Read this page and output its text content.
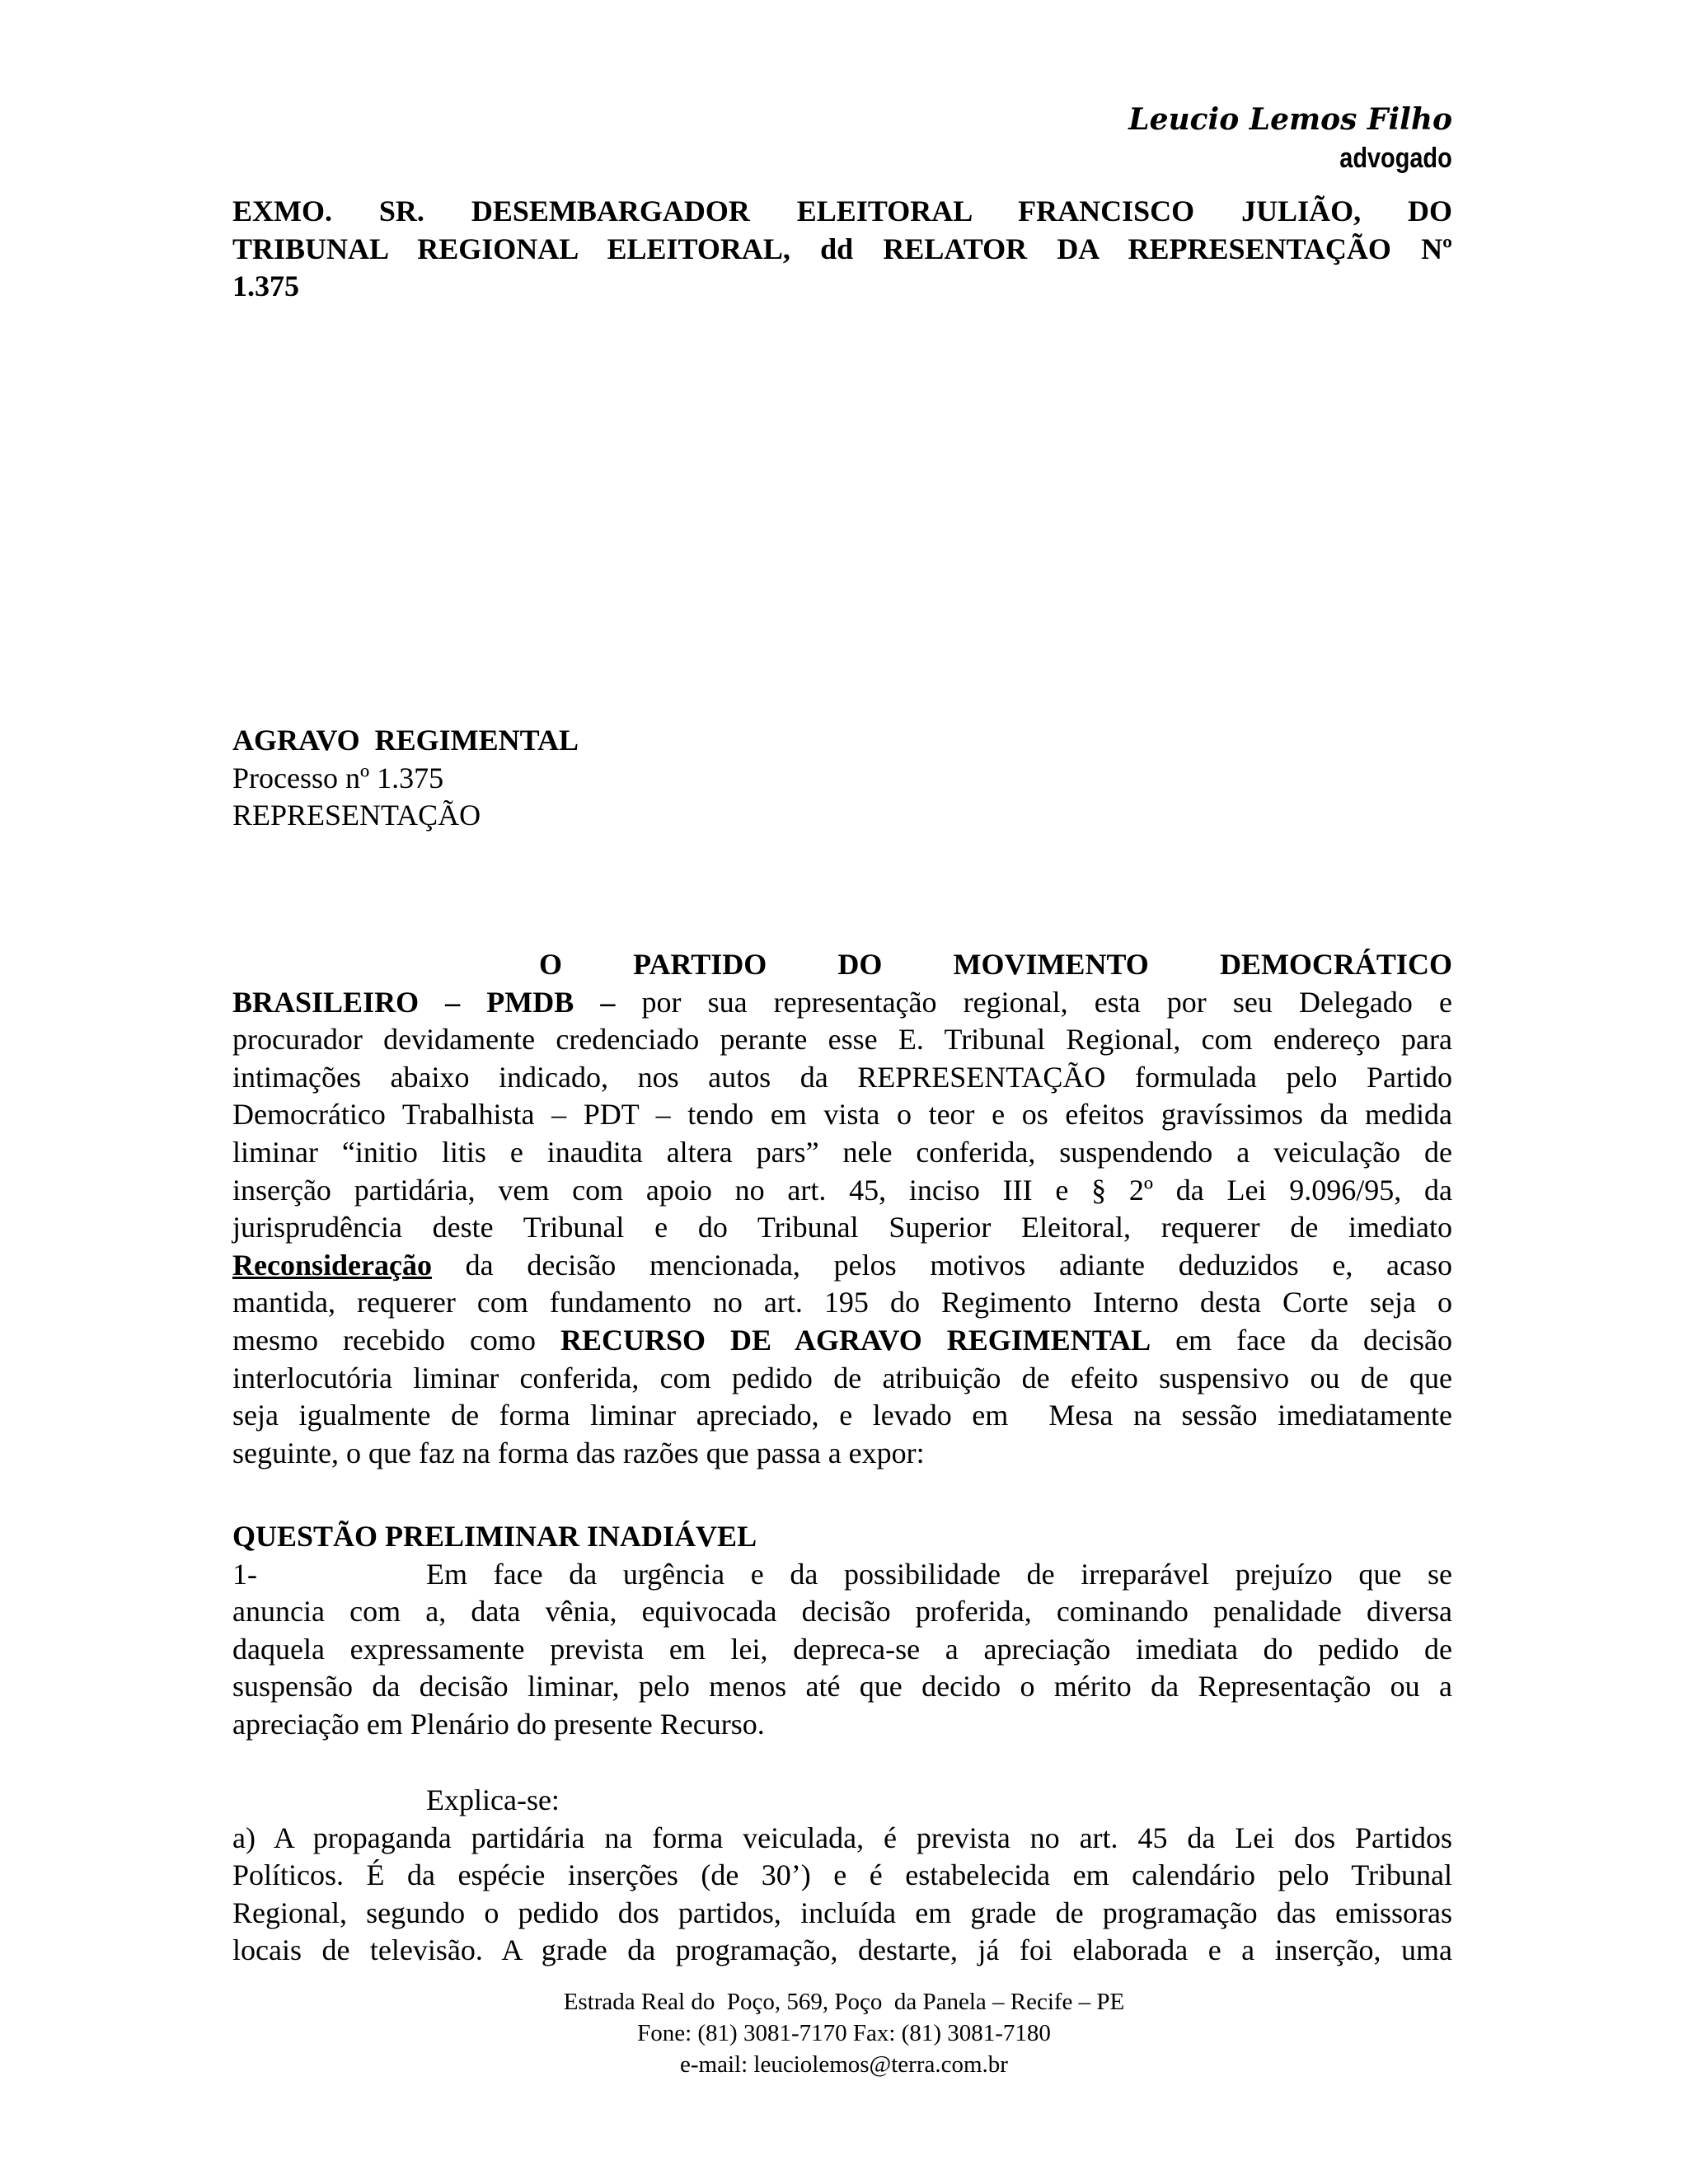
Leucio Lemos Filho
advogado
EXMO. SR. DESEMBARGADOR ELEITORAL FRANCISCO JULIÃO, DO
TRIBUNAL REGIONAL ELEITORAL, dd RELATOR DA REPRESENTAÇÃO Nº
1.375
AGRAVO  REGIMENTAL
Processo nº 1.375
REPRESENTAÇÃO
O PARTIDO DO MOVIMENTO DEMOCRÁTICO
BRASILEIRO – PMDB – por sua representação regional, esta por seu Delegado e
procurador devidamente credenciado perante esse E. Tribunal Regional, com endereço para
intimações abaixo indicado, nos autos da REPRESENTAÇÃO formulada pelo Partido
Democrático Trabalhista – PDT – tendo em vista o teor e os efeitos gravíssimos da medida
liminar “initio litis e inaudita altera pars” nele conferida, suspendendo a veiculação de
inserção partidária, vem com apoio no art. 45, inciso III e § 2º da Lei 9.096/95, da
jurisprudência deste Tribunal e do Tribunal Superior Eleitoral, requerer de imediato
Reconsideração da decisão mencionada, pelos motivos adiante deduzidos e, acaso
mantida, requerer com fundamento no art. 195 do Regimento Interno desta Corte seja o
mesmo recebido como RECURSO DE AGRAVO REGIMENTAL em face da decisão
interlocutória liminar conferida, com pedido de atribuição de efeito suspensivo ou de que
seja igualmente de forma liminar apreciado, e levado em  Mesa na sessão imediatamente
seguinte, o que faz na forma das razões que passa a expor:
QUESTÃO PRELIMINAR INADIÁVEL
1-	Em face da urgência e da possibilidade de irreparável prejuízo que se
anuncia com a, data vênia, equivocada decisão proferida, cominando penalidade diversa
daquela expressamente prevista em lei, depreca-se a apreciação imediata do pedido de
suspensão da decisão liminar, pelo menos até que decido o mérito da Representação ou a
apreciação em Plenário do presente Recurso.
Explica-se:
a) A propaganda partidária na forma veiculada, é prevista no art. 45 da Lei dos Partidos
Políticos. É da espécie inserções (de 30’) e é estabelecida em calendário pelo Tribunal
Regional, segundo o pedido dos partidos, incluída em grade de programação das emissoras
locais de televisão. A grade da programação, destarte, já foi elaborada e a inserção, uma
Estrada Real do  Poço, 569, Poço  da Panela – Recife – PE
Fone: (81) 3081-7170 Fax: (81) 3081-7180
e-mail: leuciolemos@terra.com.br
